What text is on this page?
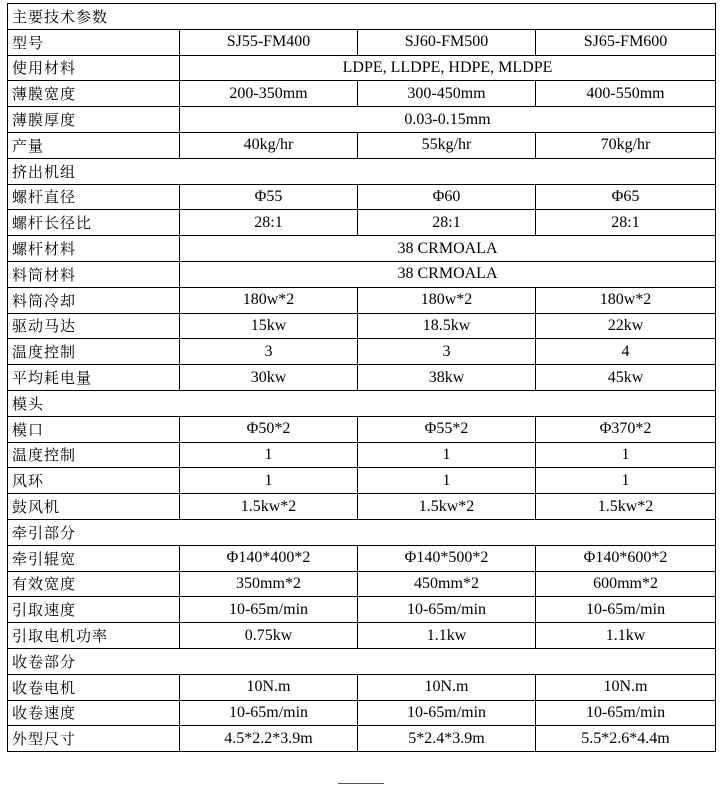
主要技术参数			
型号	SJ55-FM400	SJ60-FM500	SJ65-FM600
使用材料	LDPE, LLDPE, HDPE, MLDPE		
薄膜宽度	200-350mm	300-450mm	400-550mm
薄膜厚度	0.03-0.15mm		
产量	40kg/hr	55kg/hr	70kg/hr
挤出机组			
螺杆直径	Φ55	Φ60	Φ65
螺杆长径比	28:1	28:1	28:1
螺杆材料	38 CRMOALA		
料筒材料	38 CRMOALA		
料筒冷却	180w*2	180w*2	180w*2
驱动马达	15kw	18.5kw	22kw
温度控制	3	3	4
平均耗电量	30kw	38kw	45kw
模头			
模口	Φ50*2	Φ55*2	Φ370*2
温度控制	1	1	1
风环	1	1	1
鼓风机	1.5kw*2	1.5kw*2	1.5kw*2
牵引部分			
牵引辊宽	Φ140*400*2	Φ140*500*2	Φ140*600*2
有效宽度	350mm*2	450mm*2	600mm*2
引取速度	10-65m/min	10-65m/min	10-65m/min
引取电机功率	0.75kw	1.1kw	1.1kw
收卷部分			
收卷电机	10N.m	10N.m	10N.m
收卷速度	10-65m/min	10-65m/min	10-65m/min
外型尺寸	4.5*2.2*3.9m	5*2.4*3.9m	5.5*2.6*4.4m
